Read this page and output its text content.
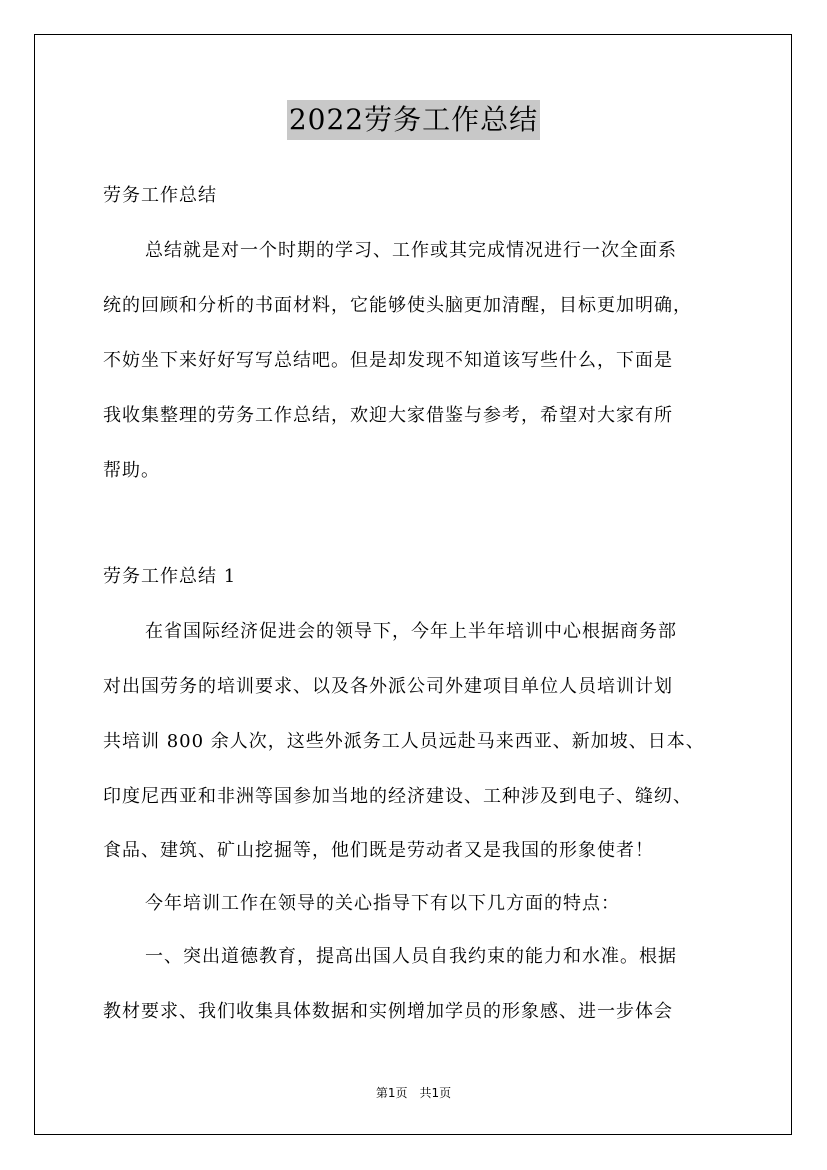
2022劳务工作总结
劳务工作总结
总结就是对一个时期的学习、工作或其完成情况进行一次全面系
统的回顾和分析的书面材料，它能够使头脑更加清醒，目标更加明确，
不妨坐下来好好写写总结吧。但是却发现不知道该写些什么，下面是
我收集整理的劳务工作总结，欢迎大家借鉴与参考，希望对大家有所
帮助。
劳务工作总结 1
在省国际经济促进会的领导下，今年上半年培训中心根据商务部
对出国劳务的培训要求、以及各外派公司外建项目单位人员培训计划
共培训 800 余人次，这些外派务工人员远赴马来西亚、新加坡、日本、
印度尼西亚和非洲等国参加当地的经济建设、工种涉及到电子、缝纫、
食品、建筑、矿山挖掘等，他们既是劳动者又是我国的形象使者！
今年培训工作在领导的关心指导下有以下几方面的特点：
一、突出道德教育，提高出国人员自我约束的能力和水准。根据
教材要求、我们收集具体数据和实例增加学员的形象感、进一步体会
第1页　共1页
